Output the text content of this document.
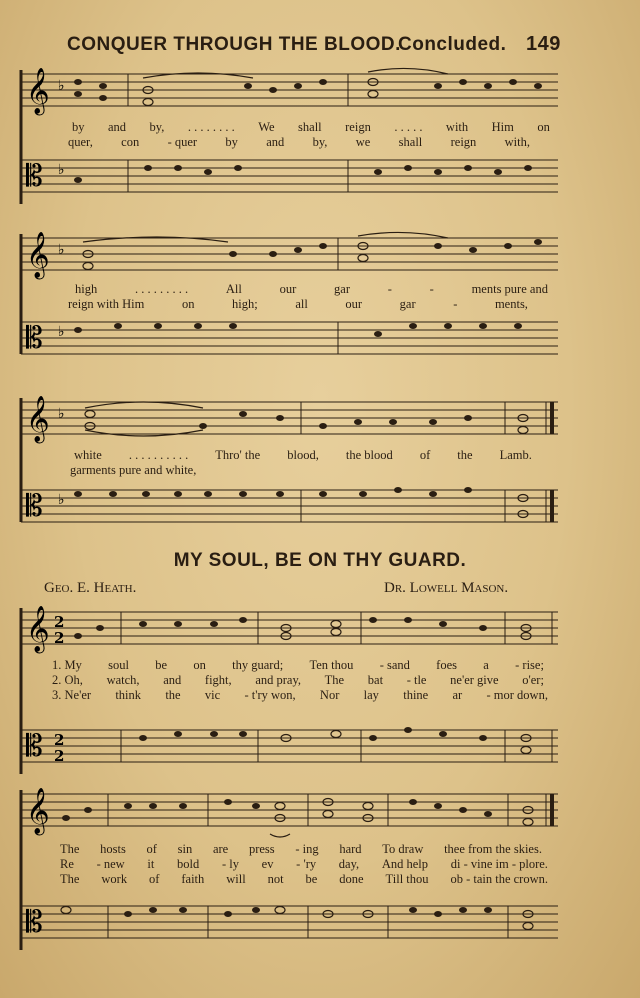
CONQUER THROUGH THE BLOOD.
Concluded. 149
𝄞
𝄡
♭
♭
by and by, . . . . . . . . We shall reign . . . . . with Him on
quer, con - quer by and by, we shall reign with,
𝄞
𝄡
♭
♭
high	. . . . . . . . .	All	our	gar	-	-	ments pure and
reign with Him	on	high;	all	our	gar	-	ments,
𝄞
𝄡
♭
♭
white . . . . . . . . . . Thro' the blood, the blood of the Lamb.
garments pure and white,
MY SOUL, BE ON THY GUARD.
Geo. E. Heath.	Dr. Lowell Mason.
𝄞
𝄡
2
2
2
2
1. My soul be on thy guard; Ten thou - sand foes a - rise;
2. Oh, watch, and fight, and pray, The bat - tle ne'er give o'er;
3. Ne'er think the vic - t'ry won, Nor lay thine ar - mor down,
𝄞
𝄡
The hosts of sin are press - ing hard To draw thee from the skies.
Re - new it bold - ly ev - 'ry day, And help di - vine im - plore.
The work of faith will not be done Till thou ob - tain the crown.
